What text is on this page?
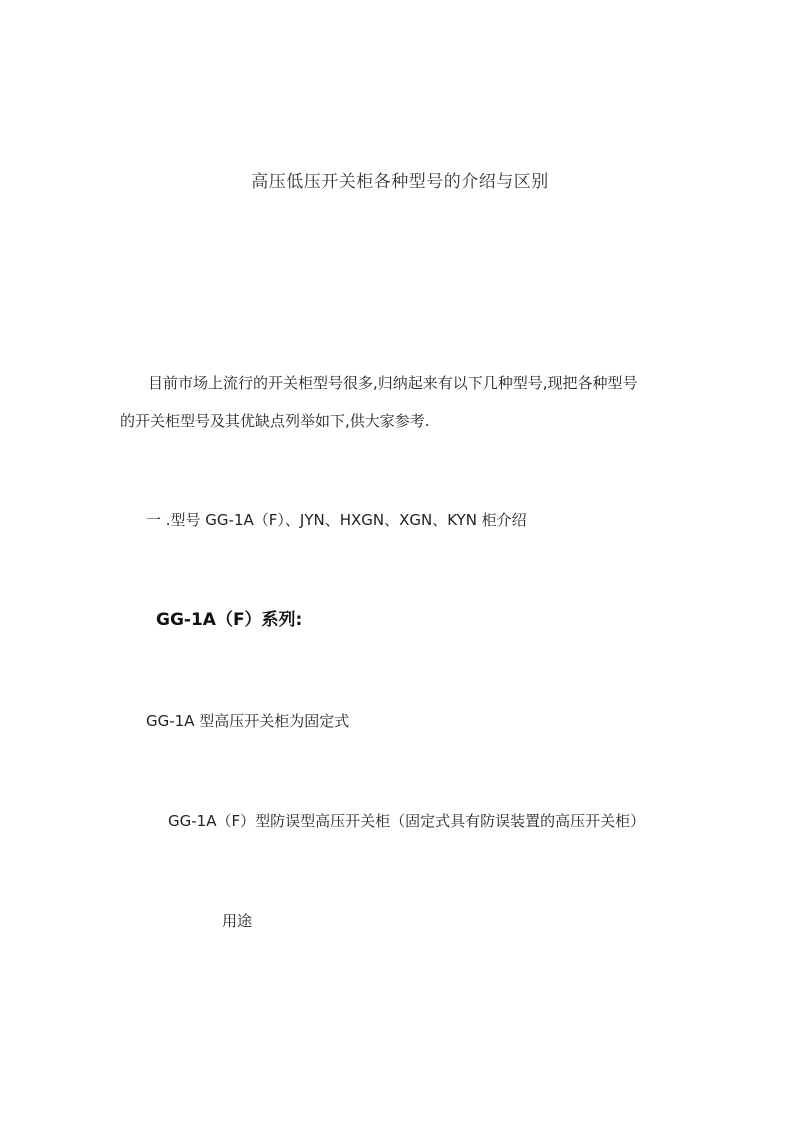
高压低压开关柜各种型号的介绍与区别
目前市场上流行的开关柜型号很多,归纳起来有以下几种型号,现把各种型号
的开关柜型号及其优缺点列举如下,供大家参考.
一 .型号 GG-1A（F）、JYN、HXGN、XGN、KYN 柜介绍
GG-1A（F）系列:
GG-1A 型高压开关柜为固定式
GG-1A（F）型防误型高压开关柜（固定式具有防误装置的高压开关柜）
用途
